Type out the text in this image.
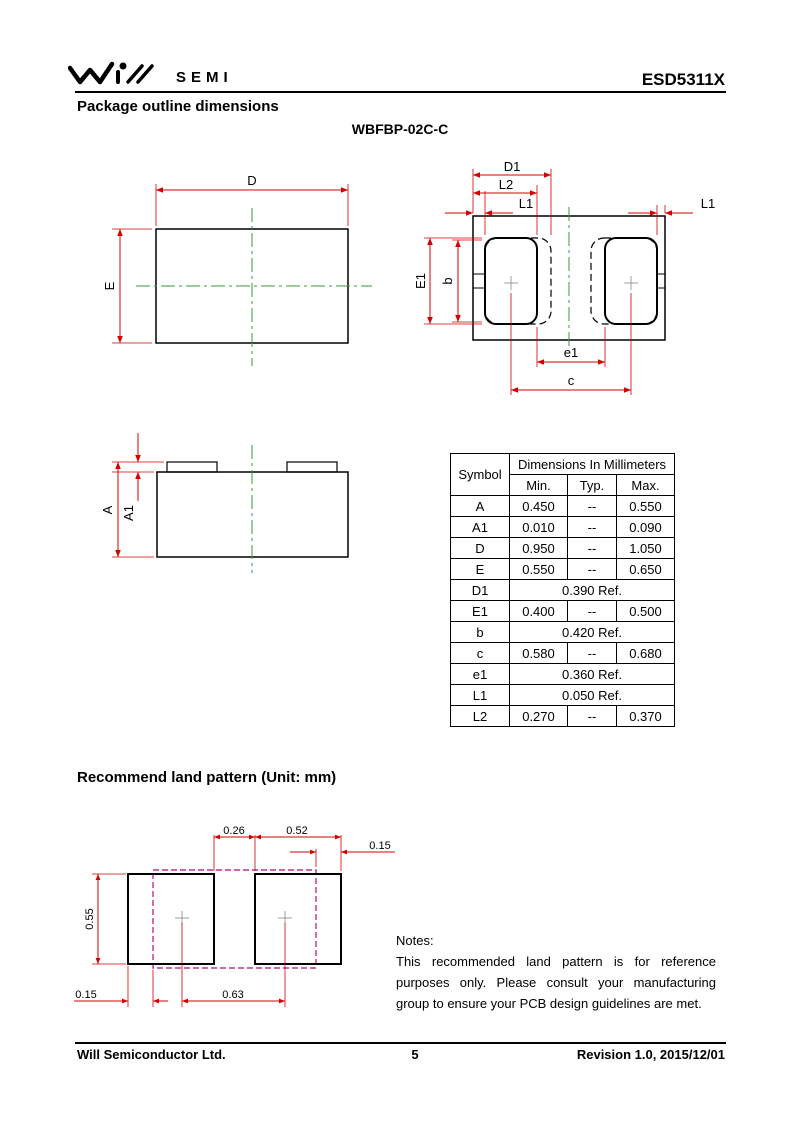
SEMI	ESD5311X
Package outline dimensions
WBFBP-02C-C
D
E
D1
L2
L1	L1
E1 b
e1
c
A A1
Symbol	Dimensions In Millimeters		
	Min.	Typ.	Max.
A	0.450	--	0.550
A1	0.010	--	0.090
D	0.950	--	1.050
E	0.550	--	0.650
D1	0.390 Ref.		
E1	0.400	--	0.500
b	0.420 Ref.		
c	0.580	--	0.680
e1	0.360 Ref.		
L1	0.050 Ref.		
L2	0.270	--	0.370
Recommend land pattern (Unit: mm)
0.26	0.52
0.15
0.55
0.15	0.63
Notes:
This recommended land pattern is for reference purposes only. Please consult your manufacturing group to ensure your PCB design guidelines are met.
Will Semiconductor Ltd.	5	Revision 1.0, 2015/12/01
